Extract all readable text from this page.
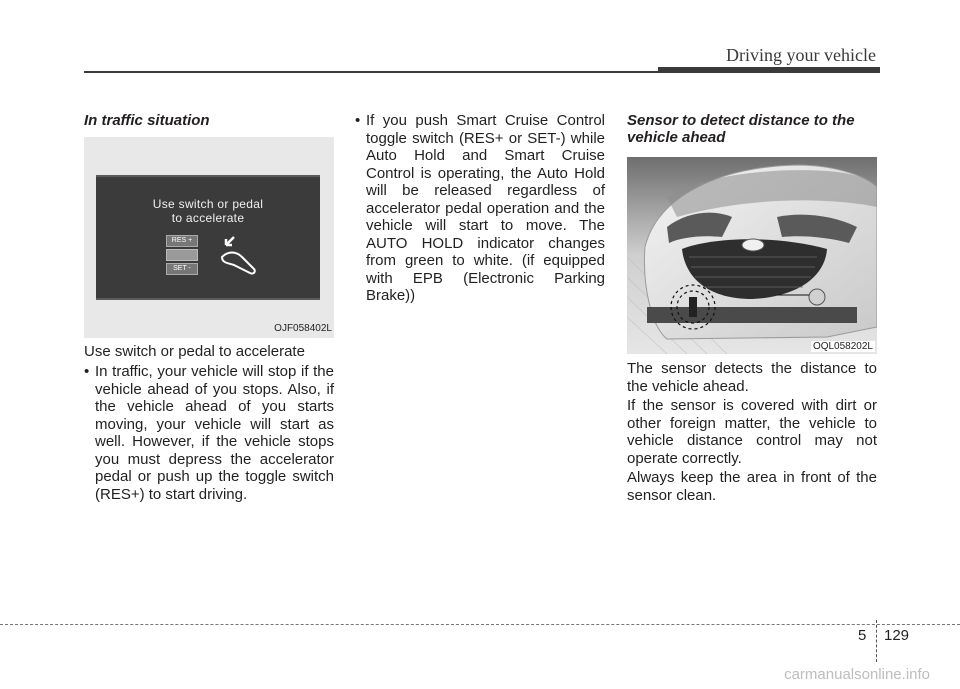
Driving your vehicle
In traffic situation
Use switch or pedal
to accelerate
RES +
SET -
OJF058402L
Use switch or pedal to accelerate
• In traffic, your vehicle will stop if the vehicle ahead of you stops. Also, if the vehicle ahead of you starts moving, your vehicle will start as well. However, if the vehicle stops you must depress the accelerator pedal or push up the toggle switch (RES+) to start driving.
• If you push Smart Cruise Control toggle switch (RES+ or SET-) while Auto Hold and Smart Cruise Control is operating, the Auto Hold will be released regardless of accelerator pedal operation and the vehicle will start to move. The AUTO HOLD indicator changes from green to white. (if equipped with EPB (Electronic Parking Brake))
Sensor to detect distance to the
vehicle ahead
OQL058202L
The sensor detects the distance to the vehicle ahead.
If the sensor is covered with dirt or other foreign matter, the vehicle to vehicle distance control may not operate correctly.
Always keep the area in front of the sensor clean.
5 129
carmanualsonline.info
